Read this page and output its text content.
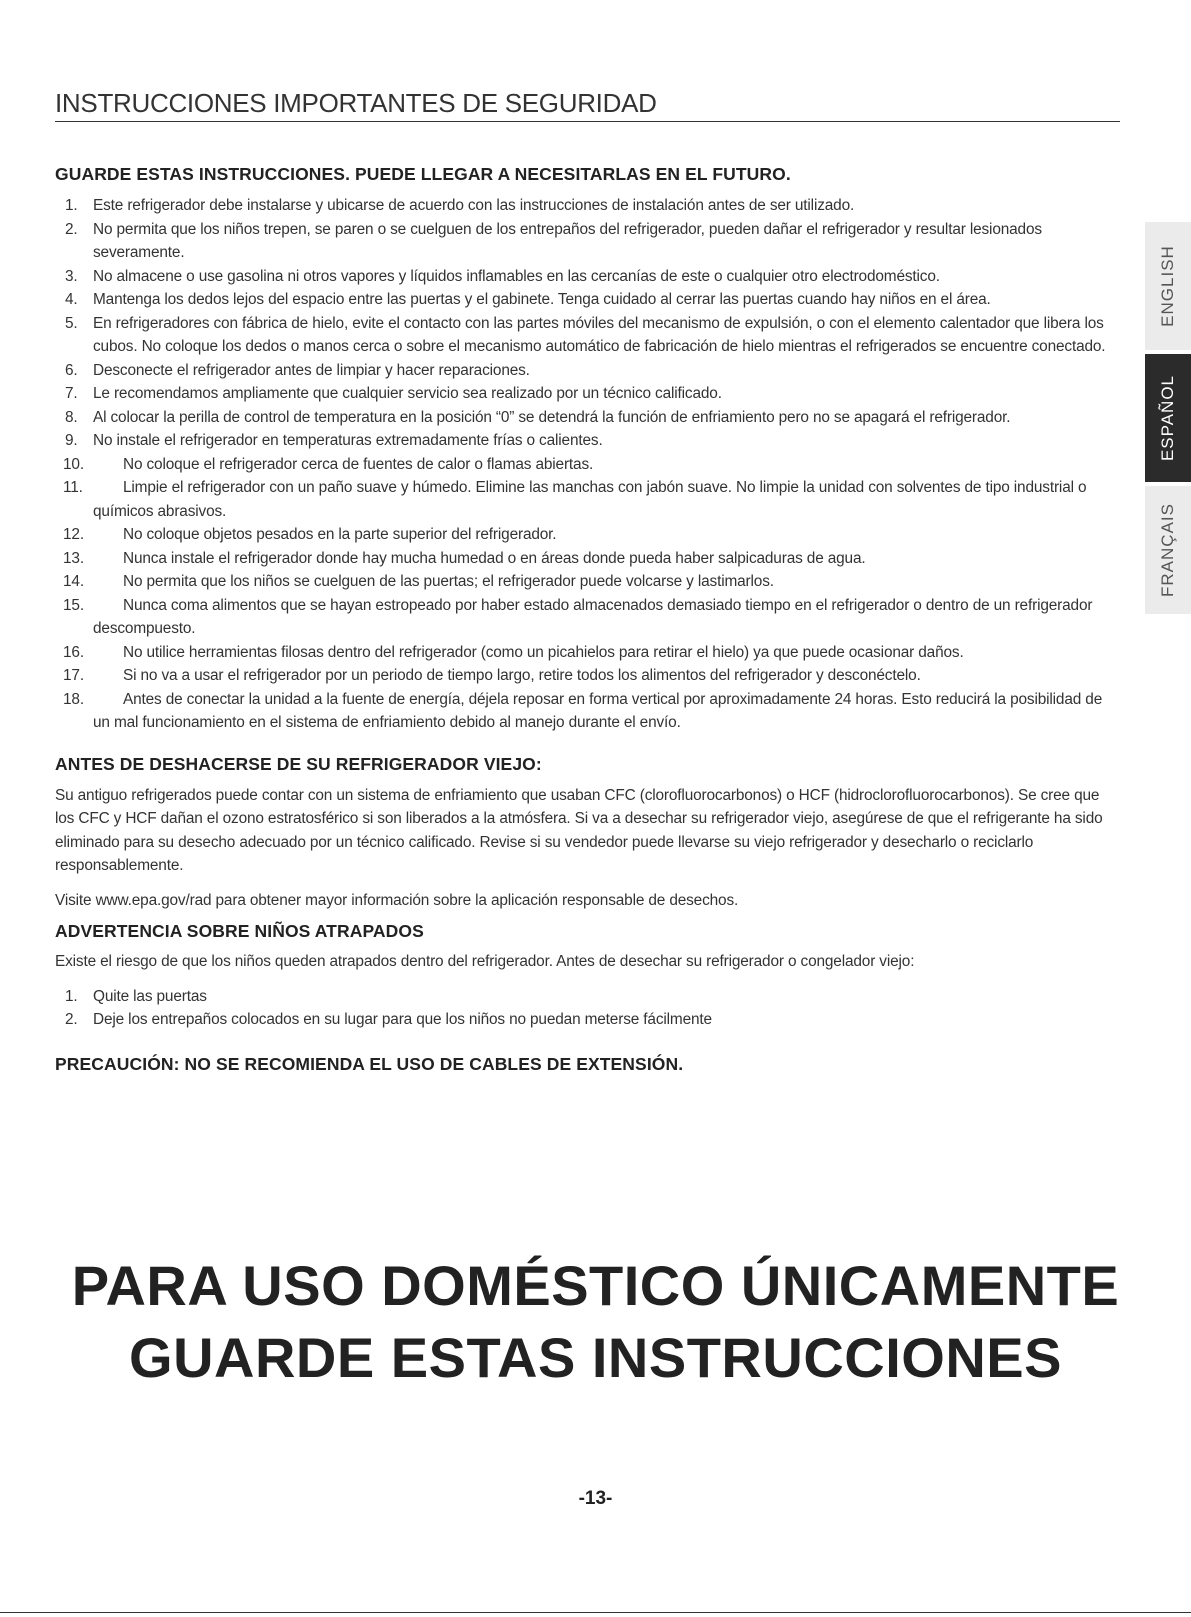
INSTRUCCIONES IMPORTANTES DE SEGURIDAD
GUARDE ESTAS INSTRUCCIONES. PUEDE LLEGAR A NECESITARLAS EN EL FUTURO.
1. Este refrigerador debe instalarse y ubicarse de acuerdo con las instrucciones de instalación antes de ser utilizado.
2. No permita que los niños trepen, se paren o se cuelguen de los entrepaños del refrigerador, pueden dañar el refrigerador y resultar lesionados severamente.
3. No almacene o use gasolina ni otros vapores y líquidos inflamables en las cercanías de este o cualquier otro electrodoméstico.
4. Mantenga los dedos lejos del espacio entre las puertas y el gabinete. Tenga cuidado al cerrar las puertas cuando hay niños en el área.
5. En refrigeradores con fábrica de hielo, evite el contacto con las partes móviles del mecanismo de expulsión, o con el elemento calentador que libera los cubos. No coloque los dedos o manos cerca o sobre el mecanismo automático de fabricación de hielo mientras el refrigerados se encuentre conectado.
6. Desconecte el refrigerador antes de limpiar y hacer reparaciones.
7. Le recomendamos ampliamente que cualquier servicio sea realizado por un técnico calificado.
8. Al colocar la perilla de control de temperatura en la posición “0” se detendrá la función de enfriamiento pero no se apagará el refrigerador.
9. No instale el refrigerador en temperaturas extremadamente frías o calientes.
10.	No coloque el refrigerador cerca de fuentes de calor o flamas abiertas.
11.	Limpie el refrigerador con un paño suave y húmedo. Elimine las manchas con jabón suave. No limpie la unidad con solventes de tipo industrial o químicos abrasivos.
12.	No coloque objetos pesados en la parte superior del refrigerador.
13.	Nunca instale el refrigerador donde hay mucha humedad o en áreas donde pueda haber salpicaduras de agua.
14.	No permita que los niños se cuelguen de las puertas; el refrigerador puede volcarse y lastimarlos.
15.	Nunca coma alimentos que se hayan estropeado por haber estado almacenados demasiado tiempo en el refrigerador o dentro de un refrigerador descompuesto.
16.	No utilice herramientas filosas dentro del refrigerador (como un picahielos para retirar el hielo) ya que puede ocasionar daños.
17.	Si no va a usar el refrigerador por un periodo de tiempo largo, retire todos los alimentos del refrigerador y desconéctelo.
18.	Antes de conectar la unidad a la fuente de energía, déjela reposar en forma vertical por aproximadamente 24 horas. Esto reducirá la posibilidad de un mal funcionamiento en el sistema de enfriamiento debido al manejo durante el envío.
ANTES DE DESHACERSE DE SU REFRIGERADOR VIEJO:

Su antiguo refrigerados puede contar con un sistema de enfriamiento que usaban CFC (clorofluorocarbonos) o HCF (hidroclorofluorocarbonos). Se cree que los CFC y HCF dañan el ozono estratosférico si son liberados a la atmósfera. Si va a desechar su refrigerador viejo, asegúrese de que el refrigerante ha sido eliminado para su desecho adecuado por un técnico calificado. Revise si su vendedor puede llevarse su viejo refrigerador y desecharlo o reciclarlo responsablemente.

Visite www.epa.gov/rad para obtener mayor información sobre la aplicación responsable de desechos.

ADVERTENCIA SOBRE NIÑOS ATRAPADOS

Existe el riesgo de que los niños queden atrapados dentro del refrigerador. Antes de desechar su refrigerador o congelador viejo:

1. Quite las puertas
2. Deje los entrepaños colocados en su lugar para que los niños no puedan meterse fácilmente
PRECAUCIÓN: NO SE RECOMIENDA EL USO DE CABLES DE EXTENSIÓN.
ENGLISH
ESPAÑOL
FRANÇAIS
PARA USO DOMÉSTICO ÚNICAMENTE
GUARDE ESTAS INSTRUCCIONES
-13-
